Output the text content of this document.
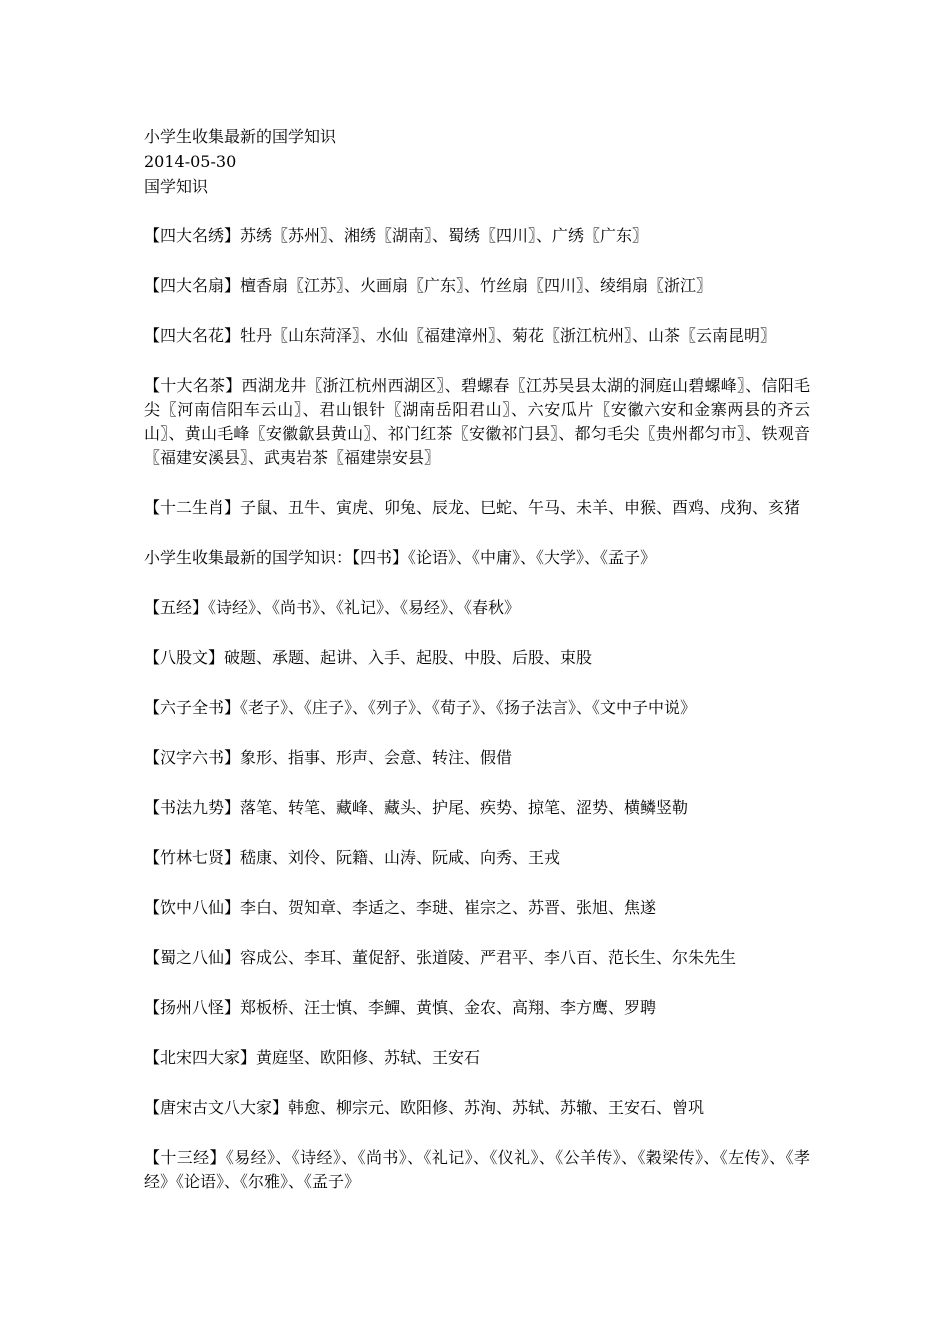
小学生收集最新的国学知识
2014-05-30
国学知识

【四大名绣】苏绣〖苏州〗、湘绣〖湖南〗、蜀绣〖四川〗、广绣〖广东〗

【四大名扇】檀香扇〖江苏〗、火画扇〖广东〗、竹丝扇〖四川〗、绫绢扇〖浙江〗

【四大名花】牡丹〖山东菏泽〗、水仙〖福建漳州〗、菊花〖浙江杭州〗、山茶〖云南昆明〗

【十大名茶】西湖龙井〖浙江杭州西湖区〗、碧螺春〖江苏吴县太湖的洞庭山碧螺峰〗、信阳毛尖〖河南信阳车云山〗、君山银针〖湖南岳阳君山〗、六安瓜片〖安徽六安和金寨两县的齐云山〗、黄山毛峰〖安徽歙县黄山〗、祁门红茶〖安徽祁门县〗、都匀毛尖〖贵州都匀市〗、铁观音〖福建安溪县〗、武夷岩茶〖福建崇安县〗

【十二生肖】子鼠、丑牛、寅虎、卯兔、辰龙、巳蛇、午马、未羊、申猴、酉鸡、戌狗、亥猪

小学生收集最新的国学知识：【四书】《论语》、《中庸》、《大学》、《孟子》

【五经】《诗经》、《尚书》、《礼记》、《易经》、《春秋》

【八股文】破题、承题、起讲、入手、起股、中股、后股、束股

【六子全书】《老子》、《庄子》、《列子》、《荀子》、《扬子法言》、《文中子中说》

【汉字六书】象形、指事、形声、会意、转注、假借

【书法九势】落笔、转笔、藏峰、藏头、护尾、疾势、掠笔、涩势、横鳞竖勒

【竹林七贤】嵇康、刘伶、阮籍、山涛、阮咸、向秀、王戎

【饮中八仙】李白、贺知章、李适之、李琎、崔宗之、苏晋、张旭、焦遂

【蜀之八仙】容成公、李耳、董促舒、张道陵、严君平、李八百、范长生、尔朱先生

【扬州八怪】郑板桥、汪士慎、李鱓、黄慎、金农、高翔、李方鹰、罗聘

【北宋四大家】黄庭坚、欧阳修、苏轼、王安石

【唐宋古文八大家】韩愈、柳宗元、欧阳修、苏洵、苏轼、苏辙、王安石、曾巩

【十三经】《易经》、《诗经》、《尚书》、《礼记》、《仪礼》、《公羊传》、《穀梁传》、《左传》、《孝经》《论语》、《尔雅》、《孟子》
